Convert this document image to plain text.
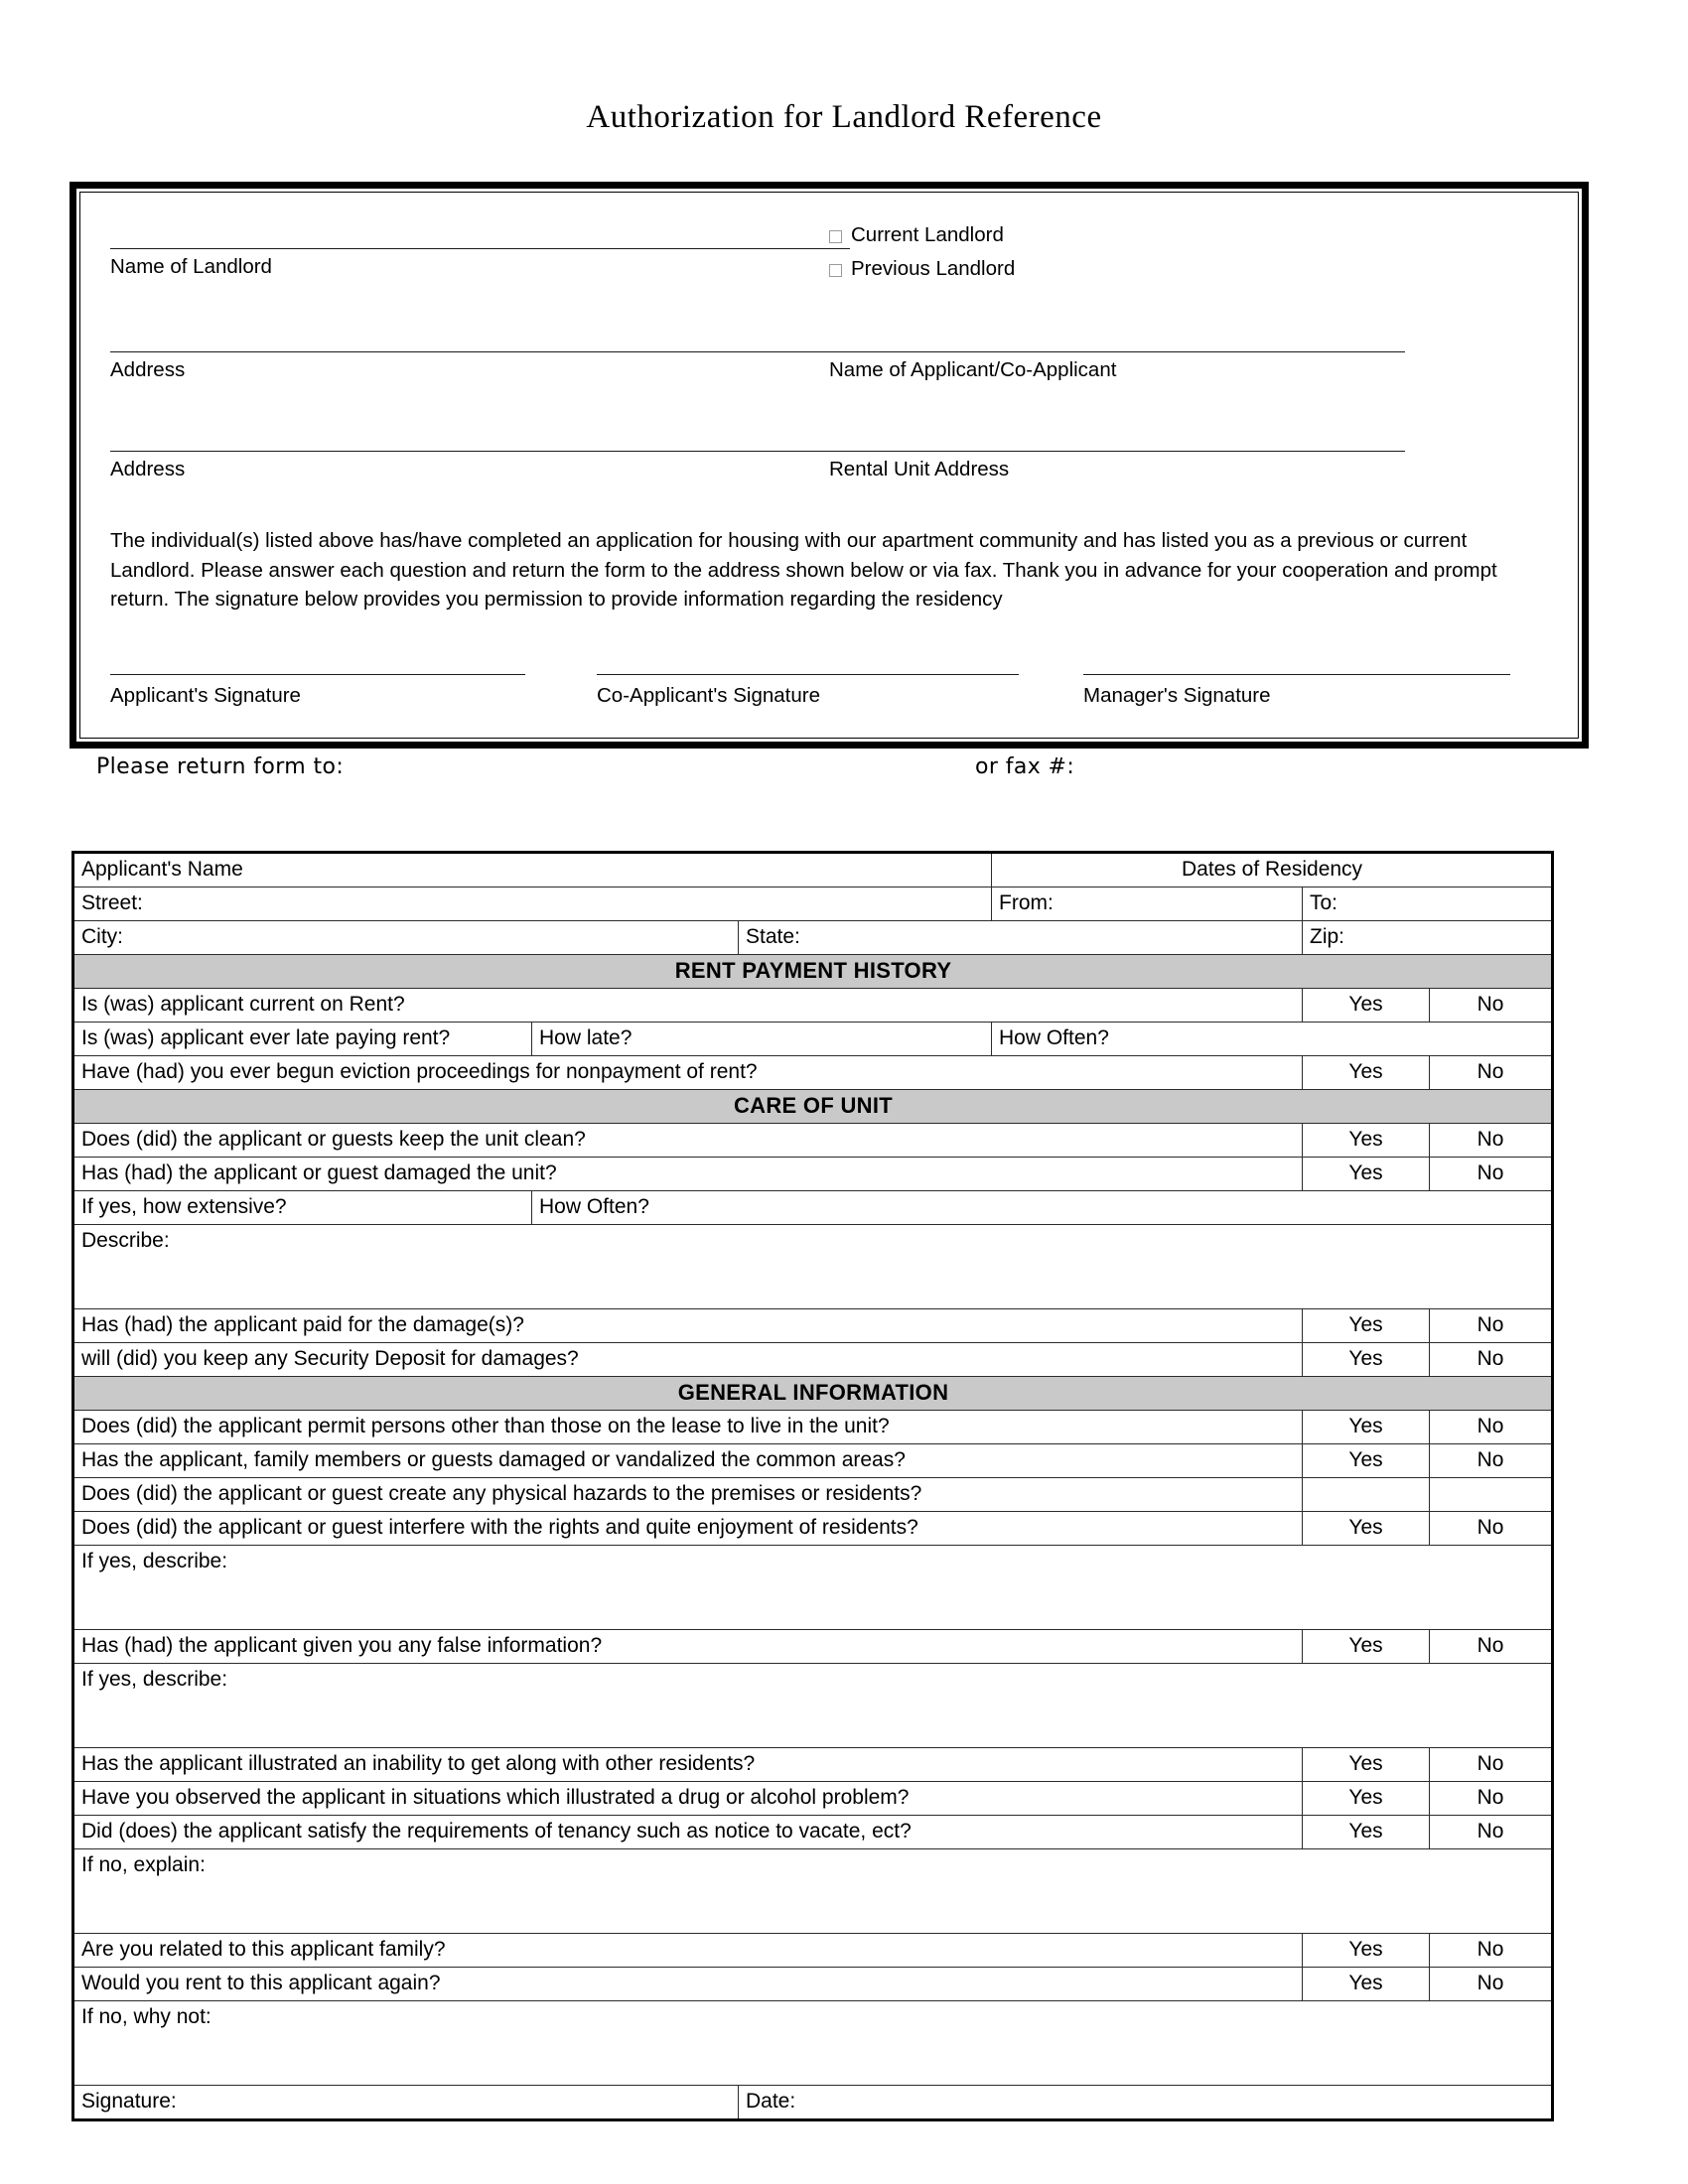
Authorization for Landlord Reference
Name of Landlord
Current Landlord
Previous Landlord
Address	Name of Applicant/Co-Applicant
Address	Rental Unit Address
The individual(s) listed above has/have completed an application for housing with our apartment community and has listed you as a previous or current Landlord. Please answer each question and return the form to the address shown below or via fax. Thank you in advance for your cooperation and prompt return. The signature below provides you permission to provide information regarding the residency
Applicant's Signature	Co-Applicant's Signature	Manager's Signature
Please return form to:	or fax #:
Applicant's Name			Dates of Residency		
Street:			From:	To:	
City:		State:		Zip:	
RENT PAYMENT HISTORY					
Is (was) applicant current on Rent?				Yes	No
Is (was) applicant ever late paying rent?	How late?		How Often?		
Have (had) you ever begun eviction proceedings for nonpayment of rent?				Yes	No
CARE OF UNIT					
Does (did) the applicant or guests keep the unit clean?				Yes	No
Has (had) the applicant or guest damaged the unit?				Yes	No
If yes, how extensive?	How Often?				
Describe:					
Has (had) the applicant paid for the damage(s)?				Yes	No
will (did) you keep any Security Deposit for damages?				Yes	No
GENERAL INFORMATION					
Does (did) the applicant permit persons other than those on the lease to live in the unit?				Yes	No
Has the applicant, family members or guests damaged or vandalized the common areas?				Yes	No
Does (did) the applicant or guest create any physical hazards to the premises or residents?					
Does (did) the applicant or guest interfere with the rights and quite enjoyment of residents?				Yes	No
If yes, describe:					
Has (had) the applicant given you any false information?				Yes	No
If yes, describe:					
Has the applicant illustrated an inability to get along with other residents?				Yes	No
Have you observed the applicant in situations which illustrated a drug or alcohol problem?				Yes	No
Did (does) the applicant satisfy the requirements of tenancy such as notice to vacate, ect?				Yes	No
If no, explain:					
Are you related to this applicant family?				Yes	No
Would you rent to this applicant again?				Yes	No
If no, why not:					
Signature:		Date:			
